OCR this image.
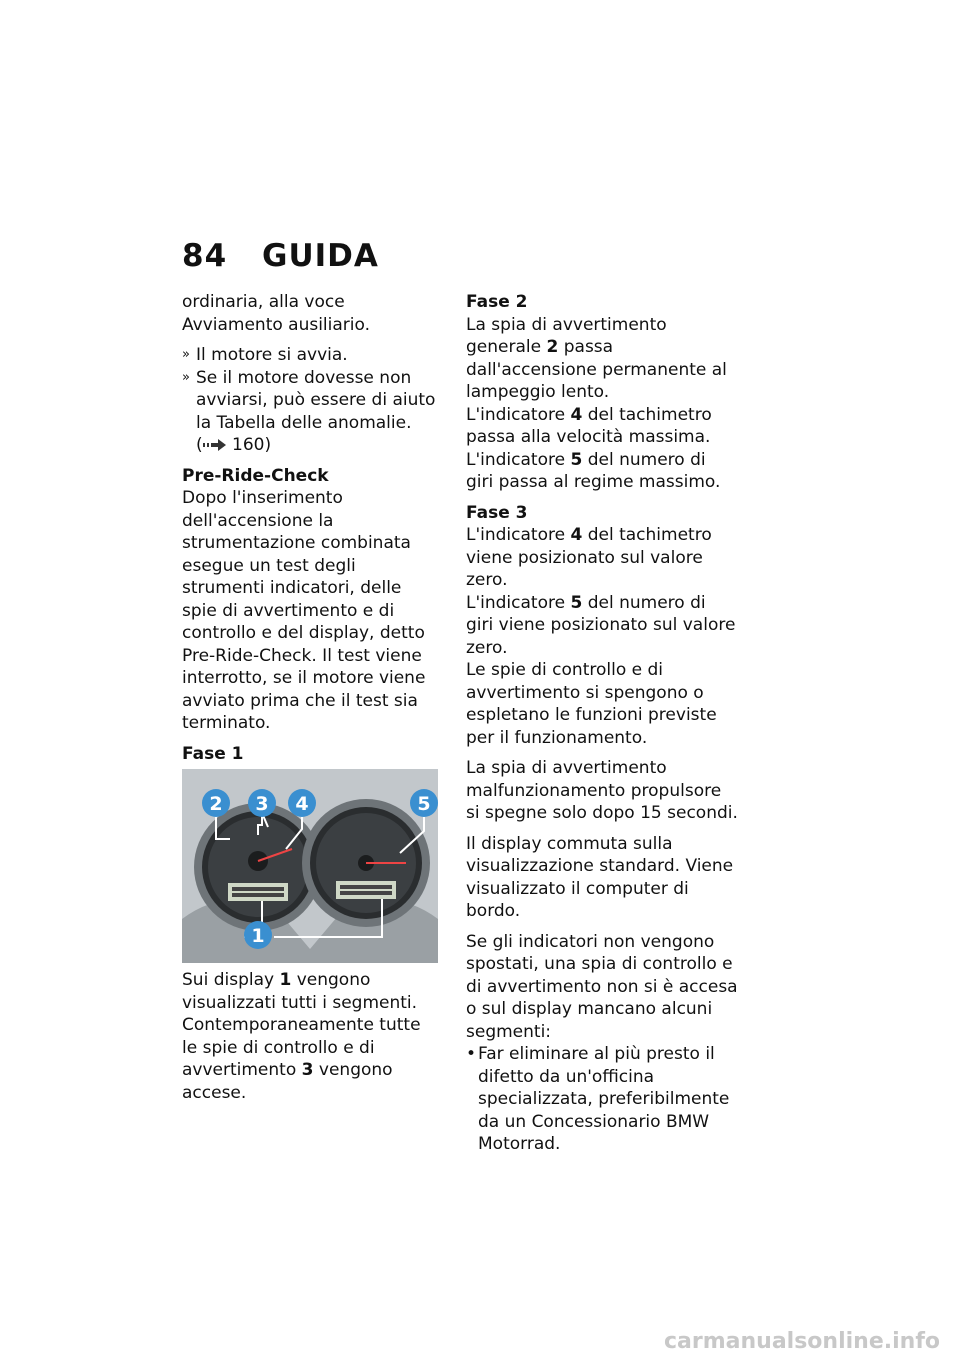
84 GUIDA

ordinaria, alla voce Avviamento ausiliario.

» Il motore si avvia.
» Se il motore dovesse non avviarsi, può essere di aiuto la Tabella delle anomalie.
( 160)
Pre-Ride-Check

Dopo l'inserimento dell'accensione la strumentazione combinata esegue un test degli strumenti indicatori, delle spie di avvertimento e di controllo e del display, detto Pre-Ride-Check. Il test viene interrotto, se il motore viene avviato prima che il test sia terminato.

Fase 1
2 3 4	5
1

Sui display 1 vengono visualizzati tutti i segmenti.

Contemporaneamente tutte le spie di controllo e di avvertimento 3 vengono accese.

Fase 2

La spia di avvertimento generale 2 passa dall'accensione permanente al lampeggio lento.

L'indicatore 4 del tachimetro passa alla velocità massima.

L'indicatore 5 del numero di giri passa al regime massimo.

Fase 3

L'indicatore 4 del tachimetro viene posizionato sul valore zero.

L'indicatore 5 del numero di giri viene posizionato sul valore zero.

Le spie di controllo e di avvertimento si spengono o espletano le funzioni previste per il funzionamento.

La spia di avvertimento malfunzionamento propulsore si spegne solo dopo 15 secondi.

Il display commuta sulla visualizzazione standard. Viene visualizzato il computer di bordo.

Se gli indicatori non vengono spostati, una spia di controllo e di avvertimento non si è accesa o sul display mancano alcuni segmenti:

• Far eliminare al più presto il difetto da un'officina specializzata, preferibilmente da un Concessionario BMW Motorrad.
carmanualsonline.info
